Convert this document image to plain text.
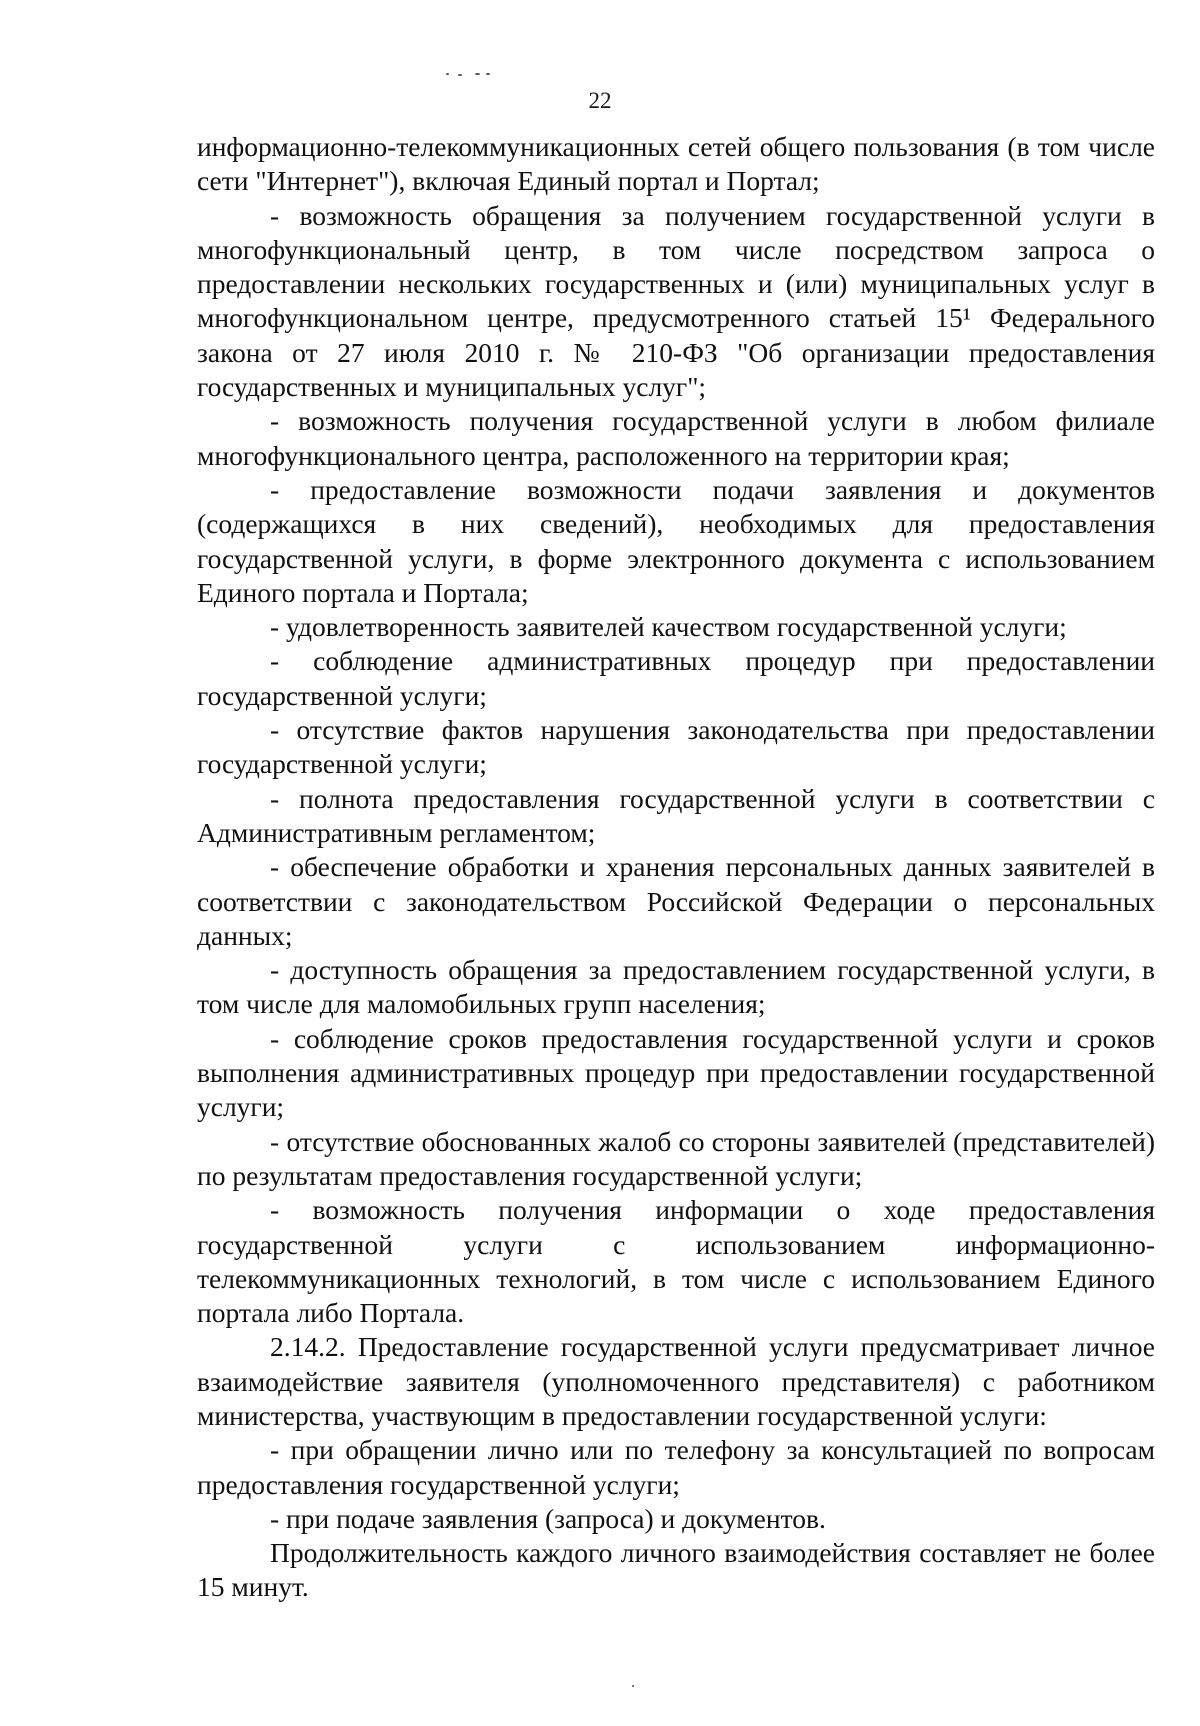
22

информационно-телекоммуникационных сетей общего пользования (в том числе сети "Интернет"), включая Единый портал и Портал;

- возможность обращения за получением государственной услуги в многофункциональный центр, в том числе посредством запроса о предоставлении нескольких государственных и (или) муниципальных услуг в многофункциональном центре, предусмотренного статьей 15¹ Федерального закона от 27 июля 2010 г. № 210-ФЗ "Об организации предоставления государственных и муниципальных услуг";

- возможность получения государственной услуги в любом филиале многофункционального центра, расположенного на территории края;

- предоставление возможности подачи заявления и документов (содержащихся в них сведений), необходимых для предоставления государственной услуги, в форме электронного документа с использованием Единого портала и Портала;

- удовлетворенность заявителей качеством государственной услуги;

- соблюдение административных процедур при предоставлении государственной услуги;

- отсутствие фактов нарушения законодательства при предоставлении государственной услуги;

- полнота предоставления государственной услуги в соответствии с Административным регламентом;

- обеспечение обработки и хранения персональных данных заявителей в соответствии с законодательством Российской Федерации о персональных данных;

- доступность обращения за предоставлением государственной услуги, в том числе для маломобильных групп населения;

- соблюдение сроков предоставления государственной услуги и сроков выполнения административных процедур при предоставлении государственной услуги;

- отсутствие обоснованных жалоб со стороны заявителей (представителей) по результатам предоставления государственной услуги;

- возможность получения информации о ходе предоставления государственной услуги с использованием информационно-телекоммуникационных технологий, в том числе с использованием Единого портала либо Портала.

2.14.2. Предоставление государственной услуги предусматривает личное взаимодействие заявителя (уполномоченного представителя) с работником министерства, участвующим в предоставлении государственной услуги:

- при обращении лично или по телефону за консультацией по вопросам предоставления государственной услуги;

- при подаче заявления (запроса) и документов.

Продолжительность каждого личного взаимодействия составляет не более 15 минут.
